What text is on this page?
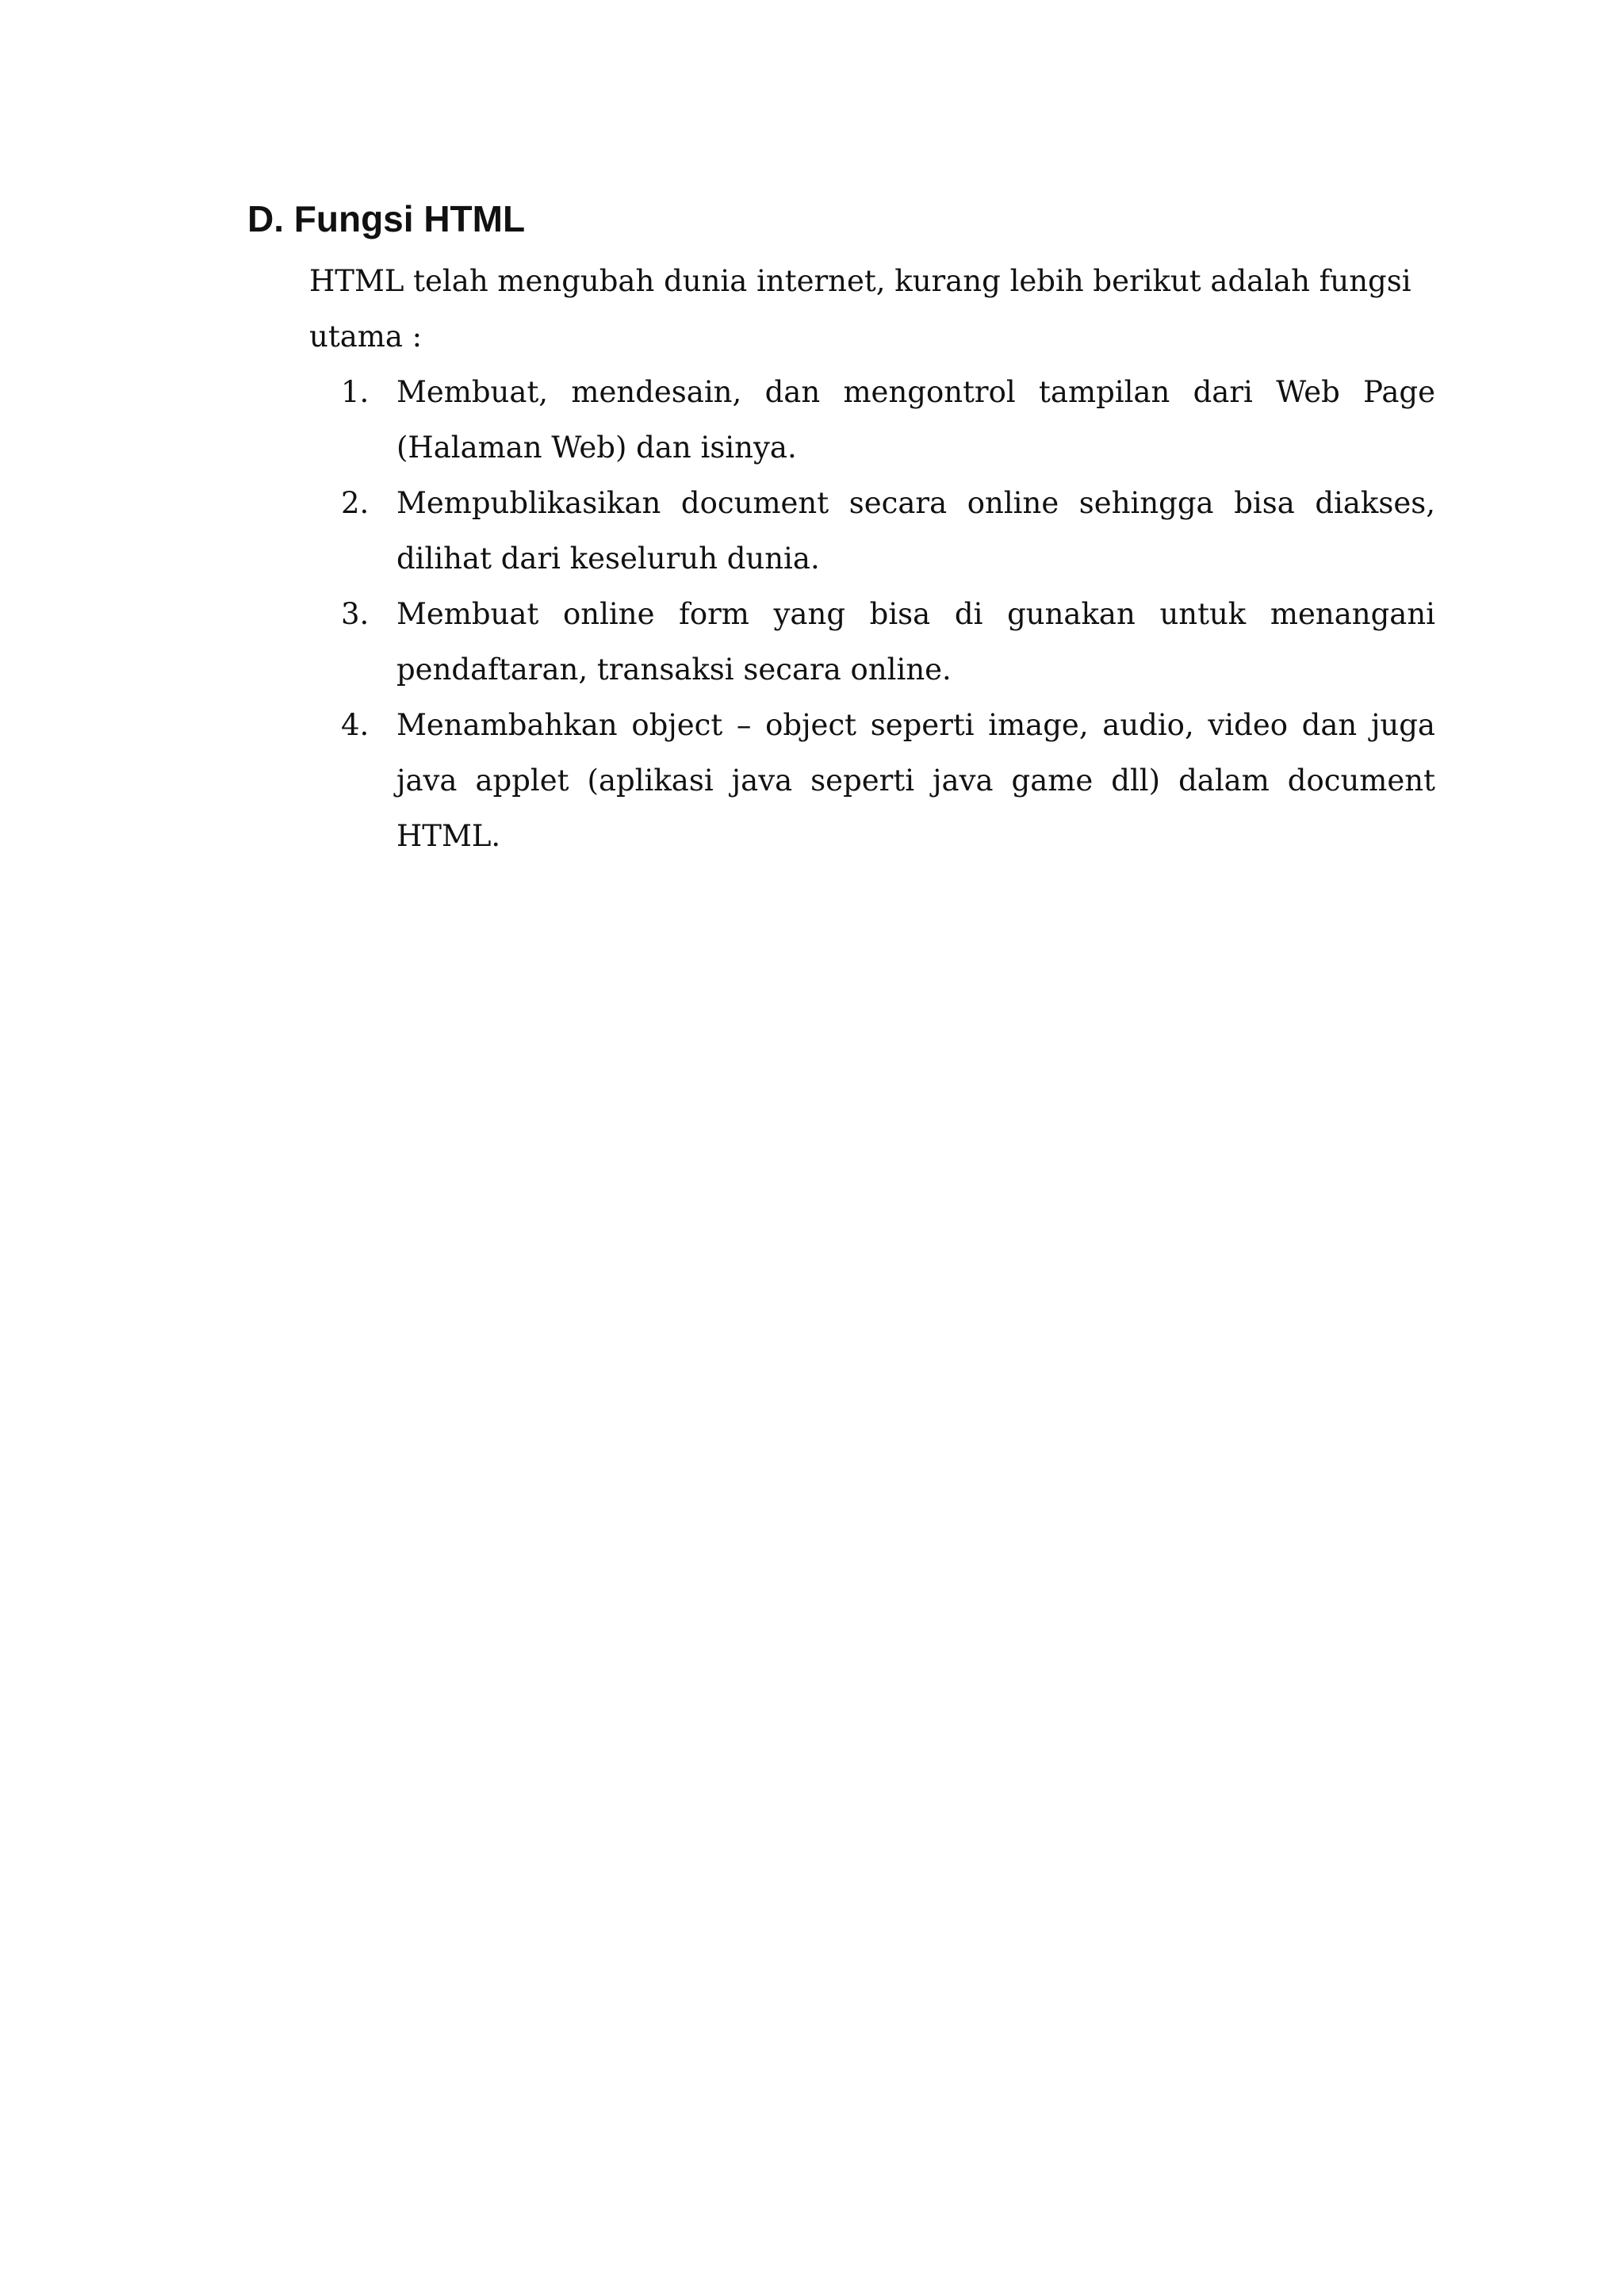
D. Fungsi HTML

HTML telah mengubah dunia internet, kurang lebih berikut adalah fungsi
utama :

1. Membuat, mendesain, dan mengontrol tampilan dari Web Page (Halaman Web) dan isinya.
2. Mempublikasikan document secara online sehingga bisa diakses, dilihat dari keseluruh dunia.
3. Membuat online form yang bisa di gunakan untuk menangani pendaftaran, transaksi secara online.
4. Menambahkan object – object seperti image, audio, video dan juga java applet (aplikasi java seperti java game dll) dalam document HTML.
